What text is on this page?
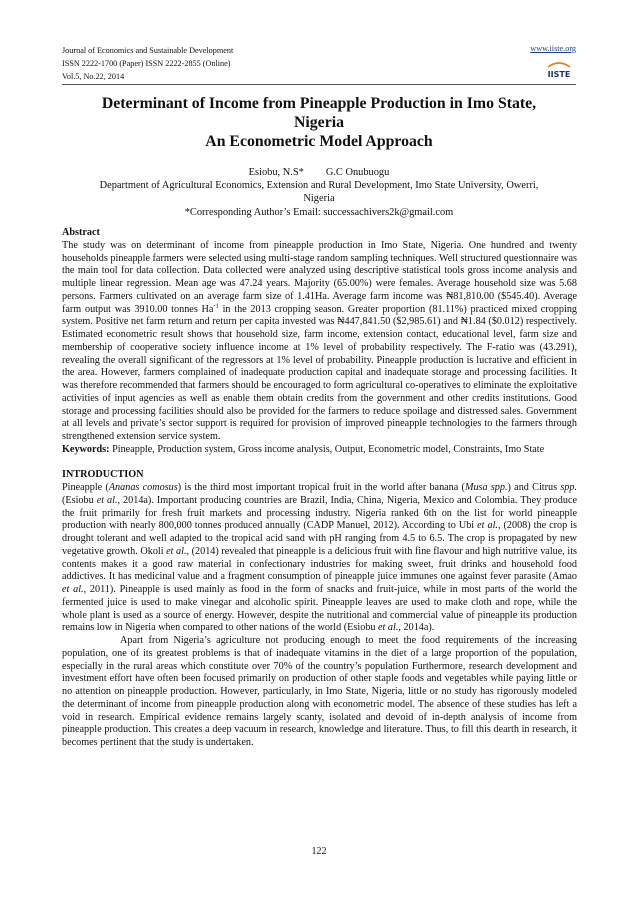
Journal of Economics and Sustainable Development
ISSN 2222-1700 (Paper) ISSN 2222-2855 (Online)
Vol.5, No.22, 2014
www.iiste.org
IISTE
Determinant of Income from Pineapple Production in Imo State,
Nigeria
An Econometric Model Approach
Esiobu, N.S* G.C Onubuogu
Department of Agricultural Economics, Extension and Rural Development, Imo State University, Owerri,
Nigeria
*Corresponding Author’s Email: successachivers2k@gmail.com
Abstract

The study was on determinant of income from pineapple production in Imo State, Nigeria. One hundred and twenty households pineapple farmers were selected using multi-stage random sampling techniques. Well structured questionnaire was the main tool for data collection. Data collected were analyzed using descriptive statistical tools gross income analysis and multiple linear regression. Mean age was 47.24 years. Majority (65.00%) were females. Average household size was 5.68 persons. Farmers cultivated on an average farm size of 1.41Ha. Average farm income was ₦81,810.00 ($545.40). Average farm output was 3910.00 tonnes $Ha^{-1}$ in the 2013 cropping season. Greater proportion (81.11%) practiced mixed cropping system. Positive net farm return and return per capita invested was ₦447,841.50 ($2,985.61) and ₦1.84 ($0.012) respectively. Estimated econometric result shows that household size, farm income, extension contact, educational level, farm size and membership of cooperative society influence income at 1% level of probability respectively. The F-ratio was (43.291), revealing the overall significant of the regressors at 1% level of probability. Pineapple production is lucrative and efficient in the area. However, farmers complained of inadequate production capital and inadequate storage and processing facilities. It was therefore recommended that farmers should be encouraged to form agricultural co-operatives to eliminate the exploitative activities of input agencies as well as enable them obtain credits from the government and other credits institutions. Good storage and processing facilities should also be provided for the farmers to reduce spoilage and distressed sales. Government at all levels and private’s sector support is required for provision of improved pineapple technologies to the farmers through strengthened extension service system.

Keywords: Pineapple, Production system, Gross income analysis, Output, Econometric model, Constraints, Imo State

INTRODUCTION

Pineapple (Ananas comosus) is the third most important tropical fruit in the world after banana (Musa spp.) and Citrus spp. (Esiobu et al., 2014a). Important producing countries are Brazil, India, China, Nigeria, Mexico and Colombia. They produce the fruit primarily for fresh fruit markets and processing industry. Nigeria ranked 6th on the list for world pineapple production with nearly 800,000 tonnes produced annually (CADP Manuel, 2012). According to Ubi et al., (2008) the crop is drought tolerant and well adapted to the tropical acid sand with pH ranging from 4.5 to 6.5. The crop is propagated by new vegetative growth. Okoli et al., (2014) revealed that pineapple is a delicious fruit with fine flavour and high nutritive value, its contents makes it a good raw material in confectionary industries for making sweet, fruit drinks and household food addictives. It has medicinal value and a fragment consumption of pineapple juice immunes one against fever parasite (Amao et al., 2011). Pineapple is used mainly as food in the form of snacks and fruit-juice, while in most parts of the world the fermented juice is used to make vinegar and alcoholic spirit. Pineapple leaves are used to make cloth and rope, while the whole plant is used as a source of energy. However, despite the nutritional and commercial value of pineapple its production remains low in Nigeria when compared to other nations of the world (Esiobu et al., 2014a).

Apart from Nigeria’s agriculture not producing enough to meet the food requirements of the increasing population, one of its greatest problems is that of inadequate vitamins in the diet of a large proportion of the population, especially in the rural areas which constitute over 70% of the country’s population Furthermore, research development and investment effort have often been focused primarily on production of other staple foods and vegetables while paying little or no attention on pineapple production. However, particularly, in Imo State, Nigeria, little or no study has rigorously modeled the determinant of income from pineapple production along with econometric model. The absence of these studies has left a void in research. Empirical evidence remains largely scanty, isolated and devoid of in-depth analysis of income from pineapple production. This creates a deep vacuum in research, knowledge and literature. Thus, to fill this dearth in research, it becomes pertinent that the study is undertaken.

122
